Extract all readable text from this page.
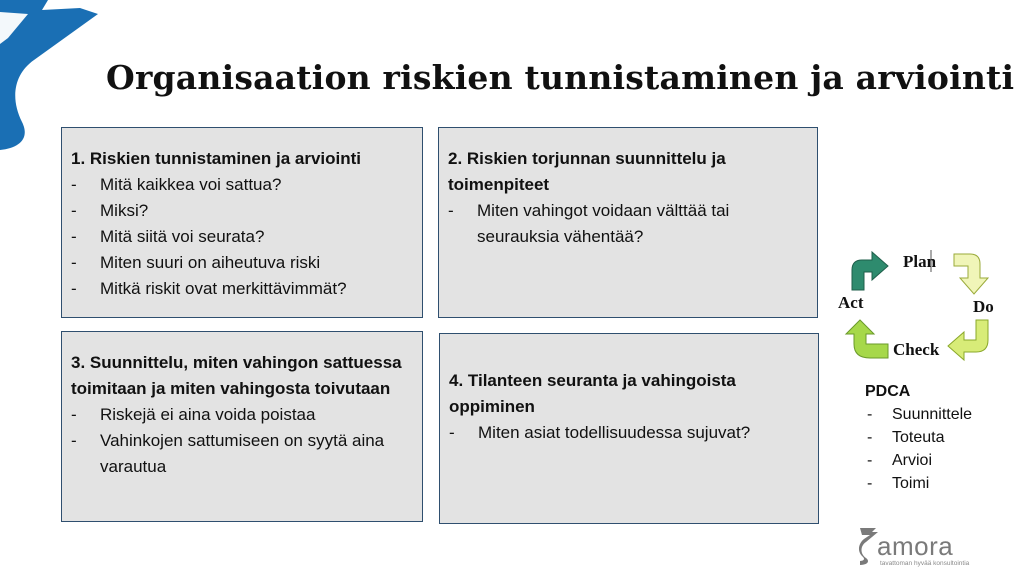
Organisaation riskien tunnistaminen ja arviointi
1. Riskien tunnistaminen ja arviointi
- Mitä kaikkea voi sattua?
- Miksi?
- Mitä siitä voi seurata?
- Miten suuri on aiheutuva riski
- Mitkä riskit ovat merkittävimmät?
2. Riskien torjunnan suunnittelu ja toimenpiteet
- Miten vahingot voidaan välttää tai seurauksia vähentää?
3. Suunnittelu, miten vahingon sattuessa toimitaan ja miten vahingosta toivutaan
- Riskejä ei aina voida poistaa
- Vahinkojen sattumiseen on syytä aina varautua
4. Tilanteen seuranta ja vahingoista oppiminen
- Miten asiat todellisuudessa sujuvat?
Plan
Do
Check
Act
PDCA
- Suunnittele
- Toteuta
- Arvioi
- Toimi
amora
tavattoman hyvää konsultointia
